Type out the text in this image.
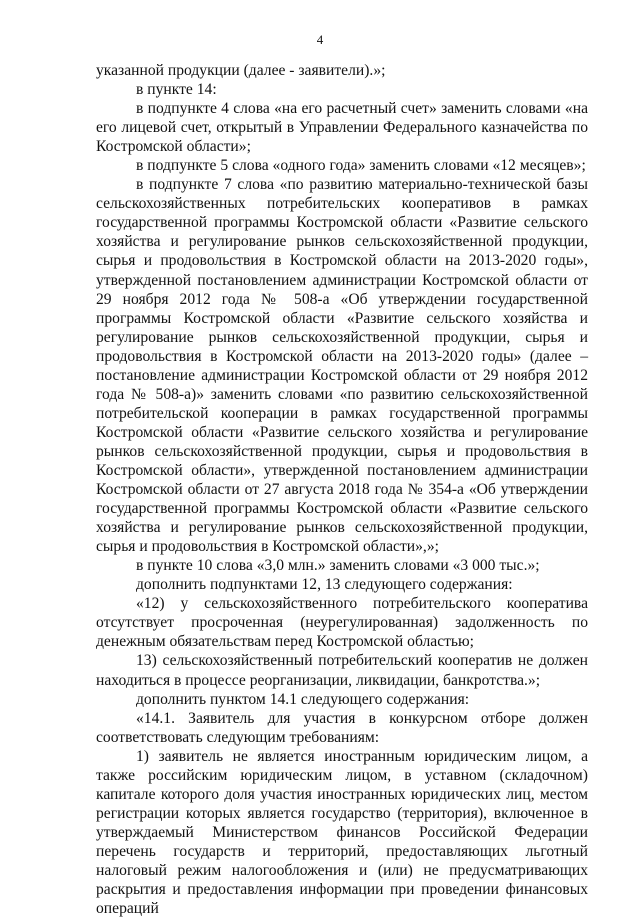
4

указанной продукции (далее - заявители).»;

в пункте 14:

в подпункте 4 слова «на его расчетный счет» заменить словами «на его лицевой счет, открытый в Управлении Федерального казначейства по Костромской области»;

в подпункте 5 слова «одного года» заменить словами «12 месяцев»;

в подпункте 7 слова «по развитию материально-технической базы сельскохозяйственных потребительских кооперативов в рамках государственной программы Костромской области «Развитие сельского хозяйства и регулирование рынков сельскохозяйственной продукции, сырья и продовольствия в Костромской области на 2013-2020 годы», утвержденной постановлением администрации Костромской области от 29 ноября 2012 года № 508-а «Об утверждении государственной программы Костромской области «Развитие сельского хозяйства и регулирование рынков сельскохозяйственной продукции, сырья и продовольствия в Костромской области на 2013-2020 годы» (далее – постановление администрации Костромской области от 29 ноября 2012 года № 508-а)» заменить словами «по развитию сельскохозяйственной потребительской кооперации в рамках государственной программы Костромской области «Развитие сельского хозяйства и регулирование рынков сельскохозяйственной продукции, сырья и продовольствия в Костромской области», утвержденной постановлением администрации Костромской области от 27 августа 2018 года № 354-а «Об утверждении государственной программы Костромской области «Развитие сельского хозяйства и регулирование рынков сельскохозяйственной продукции, сырья и продовольствия в Костромской области»,»;

в пункте 10 слова «3,0 млн.» заменить словами «3 000 тыс.»;

дополнить подпунктами 12, 13 следующего содержания:

«12) у сельскохозяйственного потребительского кооператива отсутствует просроченная (неурегулированная) задолженность по денежным обязательствам перед Костромской областью;

13) сельскохозяйственный потребительский кооператив не должен находиться в процессе реорганизации, ликвидации, банкротства.»;

дополнить пунктом 14.1 следующего содержания:

«14.1. Заявитель для участия в конкурсном отборе должен соответствовать следующим требованиям:

1) заявитель не является иностранным юридическим лицом, а также российским юридическим лицом, в уставном (складочном) капитале которого доля участия иностранных юридических лиц, местом регистрации которых является государство (территория), включенное в утверждаемый Министерством финансов Российской Федерации перечень государств и территорий, предоставляющих льготный налоговый режим налогообложения и (или) не предусматривающих раскрытия и предоставления информации при проведении финансовых операций
